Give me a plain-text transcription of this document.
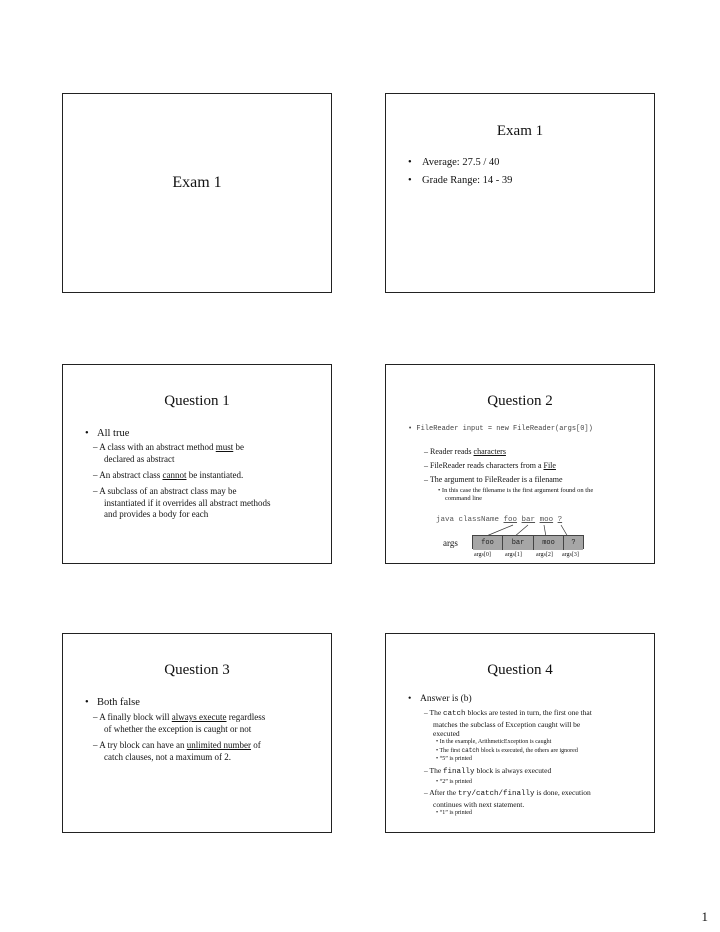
Exam 1
Exam 1
• Average: 27.5 / 40
• Grade Range: 14 - 39
Question 1
• All true
– A class with an abstract method must be
declared as abstract
– An abstract class cannot be instantiated.
– A subclass of an abstract class may be
instantiated if it overrides all abstract methods
and provides a body for each
Question 2
• FileReader input = new FileReader(args[0])
– Reader reads characters
– FileReader reads characters from a File
– The argument to FileReader is a filename
• In this case the filename is the first argument found on the
command line
java className foo bar moo ?
args	foo	bar	moo	?
args[0] args[1] args[2] args[3]
Question 3
• Both false
– A finally block will always execute regardless
of whether the exception is caught or not
– A try block can have an unlimited number of
catch clauses, not a maximum of 2.
Question 4
• Answer is (b)
– The catch blocks are tested in turn, the first one that
matches the subclass of Exception caught will be
executed
• In the example, ArithmeticException is caught
• The first catch block is executed, the others are ignored
• “5” is printed
– The finally block is always executed
• “2” is printed
– After the try/catch/finally is done, execution
continues with next statement.
• “1” is printed
1
